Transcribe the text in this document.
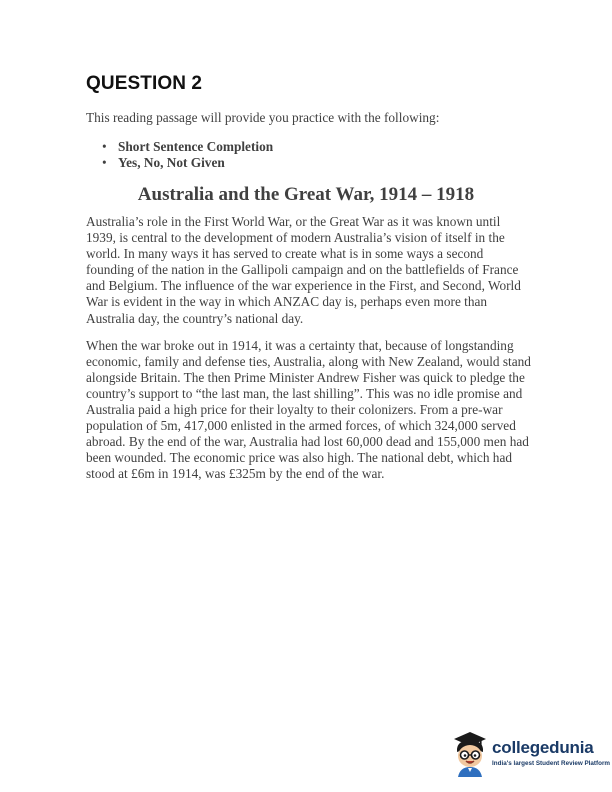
QUESTION 2

This reading passage will provide you practice with the following:

• Short Sentence Completion
• Yes, No, Not Given
Australia and the Great War, 1914 – 1918

Australia’s role in the First World War, or the Great War as it was known until 1939, is central to the development of modern Australia’s vision of itself in the world. In many ways it has served to create what is in some ways a second founding of the nation in the Gallipoli campaign and on the battlefields of France and Belgium. The influence of the war experience in the First, and Second, World War is evident in the way in which ANZAC day is, perhaps even more than Australia day, the country’s national day.

When the war broke out in 1914, it was a certainty that, because of longstanding economic, family and defense ties, Australia, along with New Zealand, would stand alongside Britain. The then Prime Minister Andrew Fisher was quick to pledge the country’s support to “the last man, the last shilling”. This was no idle promise and Australia paid a high price for their loyalty to their colonizers. From a pre-war population of 5m, 417,000 enlisted in the armed forces, of which 324,000 served abroad. By the end of the war, Australia had lost 60,000 dead and 155,000 men had been wounded. The economic price was also high. The national debt, which had stood at £6m in 1914, was £325m by the end of the war.

collegedunia
India's largest Student Review Platform
